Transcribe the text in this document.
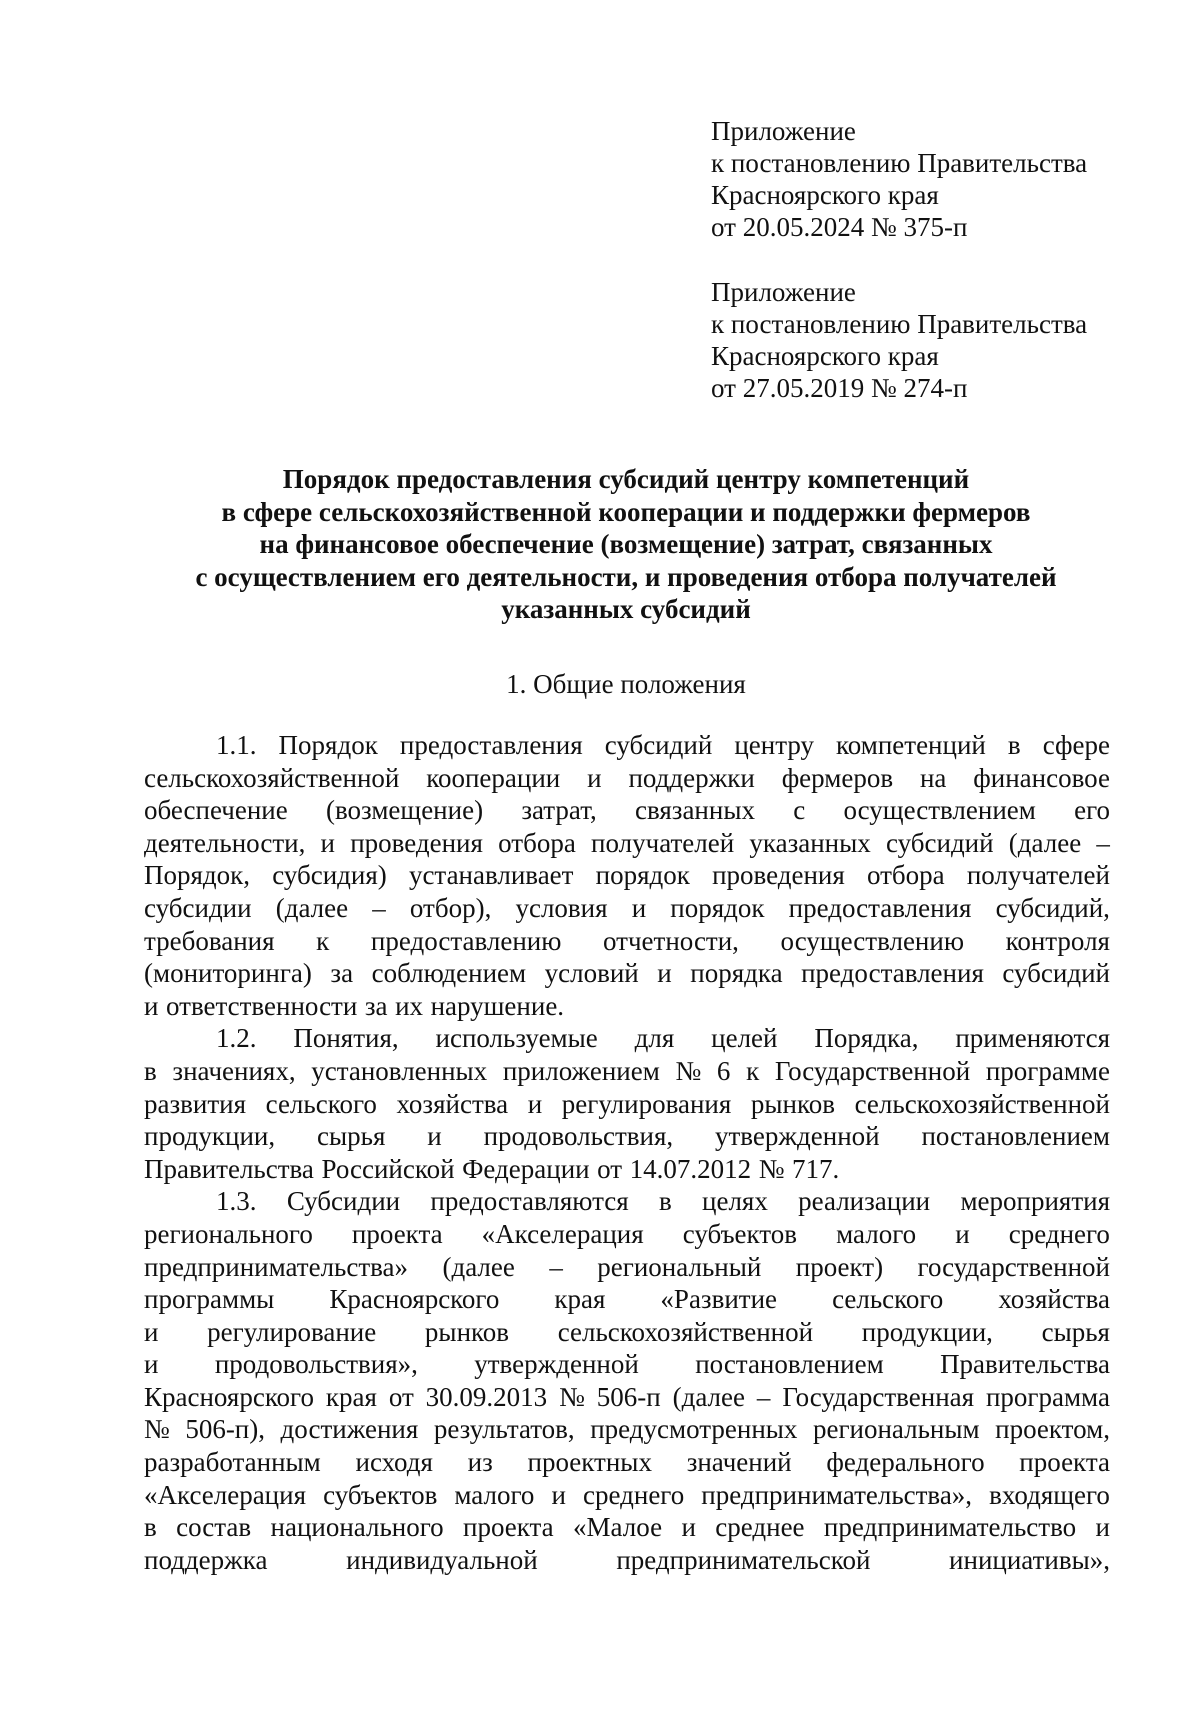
Приложение
к постановлению Правительства
Красноярского края
от 20.05.2024 № 375-п
Приложение
к постановлению Правительства
Красноярского края
от 27.05.2019 № 274-п
Порядок предоставления субсидий центру компетенций
в сфере сельскохозяйственной кооперации и поддержки фермеров
на финансовое обеспечение (возмещение) затрат, связанных
с осуществлением его деятельности, и проведения отбора получателей
указанных субсидий
1. Общие положения
1.1. Порядок предоставления субсидий центру компетенций в сфере
сельскохозяйственной кооперации и поддержки фермеров на финансовое
обеспечение (возмещение) затрат, связанных с осуществлением его
деятельности, и проведения отбора получателей указанных субсидий (далее –
Порядок, субсидия) устанавливает порядок проведения отбора получателей
субсидии (далее – отбор), условия и порядок предоставления субсидий,
требования к предоставлению отчетности, осуществлению контроля
(мониторинга) за соблюдением условий и порядка предоставления субсидий
и ответственности за их нарушение.
1.2. Понятия, используемые для целей Порядка, применяются
в значениях, установленных приложением № 6 к Государственной программе
развития сельского хозяйства и регулирования рынков сельскохозяйственной
продукции, сырья и продовольствия, утвержденной постановлением
Правительства Российской Федерации от 14.07.2012 № 717.
1.3. Субсидии предоставляются в целях реализации мероприятия
регионального проекта «Акселерация субъектов малого и среднего
предпринимательства» (далее – региональный проект) государственной
программы Красноярского края «Развитие сельского хозяйства
и регулирование рынков сельскохозяйственной продукции, сырья
и продовольствия», утвержденной постановлением Правительства
Красноярского края от 30.09.2013 № 506-п (далее – Государственная программа
№ 506-п), достижения результатов, предусмотренных региональным проектом,
разработанным исходя из проектных значений федерального проекта
«Акселерация субъектов малого и среднего предпринимательства», входящего
в состав национального проекта «Малое и среднее предпринимательство и
поддержка	индивидуальной	предпринимательской	инициативы»,
